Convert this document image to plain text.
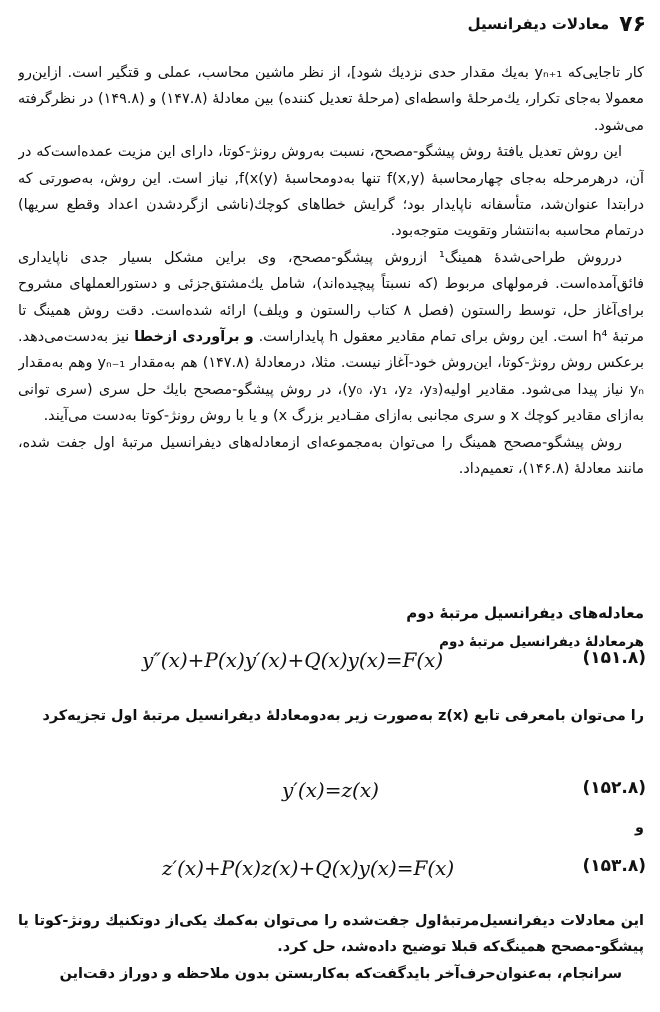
۷۶
معادلات دیفرانسیل

کار تاجایی‌که yₙ₊₁ به‌یك مقدار حدی نزدیك شود]، از نظر ماشین محاسب، عملی و قتگیر است. ازاین‌رو معمولا به‌جای تکرار، یك‌مرحلهٔ واسطه‌ای (مرحلهٔ تعدیل کننده) بین معادلهٔ (۱۴۷.۸) و (۱۴۹.۸) در نظرگرفته می‌شود.

این روش تعدیل یافتهٔ روش پیشگو-مصحح، نسبت به‌روش رونژ-کوتا، دارای این مزیت عمده‌است‌که در آن، درهرمرحله به‌جای چهارمحاسبهٔ f(x,y) تنها به‌دومحاسبهٔ (y)f(x, نیاز است. این روش، به‌صورتی که درابتدا عنوان‌شد، متأسفانه ناپایدار بود؛ گرایش خطاهای کوچك(ناشی ازگردشدن اعداد وقطع سریها) درتمام محاسبه به‌انتشار وتقویت متوجه‌بود.

درروش طراحی‌شدهٔ همینگ¹ ازروش پیشگو-مصحح، وی براین مشکل بسیار جدی ناپایداری فائق‌آمده‌است. فرمولهای مربوط (که نسبتاً پیچیده‌اند)، شامل یك‌مشتق‌جزئی و دستورالعملهای مشروح برای‌آغاز حل، توسط رالستون (فصل ۸ کتاب رالستون و ویلف) ارائه شده‌است. دقت روش همینگ تا مرتبهٔ h⁴ است. این روش برای تمام مقادیر معقول h پایداراست. و برآوردی ازخطا نیز به‌دست‌می‌دهد. برعکس روش رونژ-کوتا، این‌روش خود-آغاز نیست. مثلا، درمعادلهٔ (۱۴۷.۸) هم به‌مقدار yₙ₋₁ وهم به‌مقدار yₙ نیاز پیدا می‌شود. مقادیر اولیه(y₀ ،y₁ ،y₂ ،y₃)، در روش پیشگو-مصحح بایك حل سری (سری توانی به‌ازای مقادیر کوچك x و سری مجانبی به‌ازای مقـادیر بزرگ x) و یا با روش رونژ-کوتا به‌دست می‌آیند.

روش پیشگو-مصحح همینگ را می‌توان به‌مجموعه‌ای ازمعادله‌های دیفرانسیل مرتبهٔ اول جفت شده، مانند معادلهٔ (۱۴۶.۸)، تعمیم‌داد.

معادله‌های دیفرانسیل مرتبهٔ دوم
هرمعادلهٔ دیفرانسیل مرتبهٔ دوم
y″(x)+P(x)y′(x)+Q(x)y(x)=F(x)	(۱۵۱.۸)
را می‌توان بامعرفی تابع z(x) به‌صورت زیر به‌دومعادلهٔ دیفرانسیل مرتبهٔ اول تجزیه‌کرد
y′(x)=z(x)	(۱۵۲.۸)
و
z′(x)+P(x)z(x)+Q(x)y(x)=F(x)	(۱۵۳.۸)

این معادلات دیفرانسیل‌مرتبهٔ‌اول جفت‌شده را می‌توان به‌کمك یکی‌از دوتکنیك رونژ-کوتا یا پیشگو-مصحح همینگ‌که قبلا توضیح داده‌شد، حل کرد.

سرانجام، به‌عنوان‌حرف‌آخر بایدگفت‌که به‌کاربستن بدون ملاحظه و دوراز دقت‌این
